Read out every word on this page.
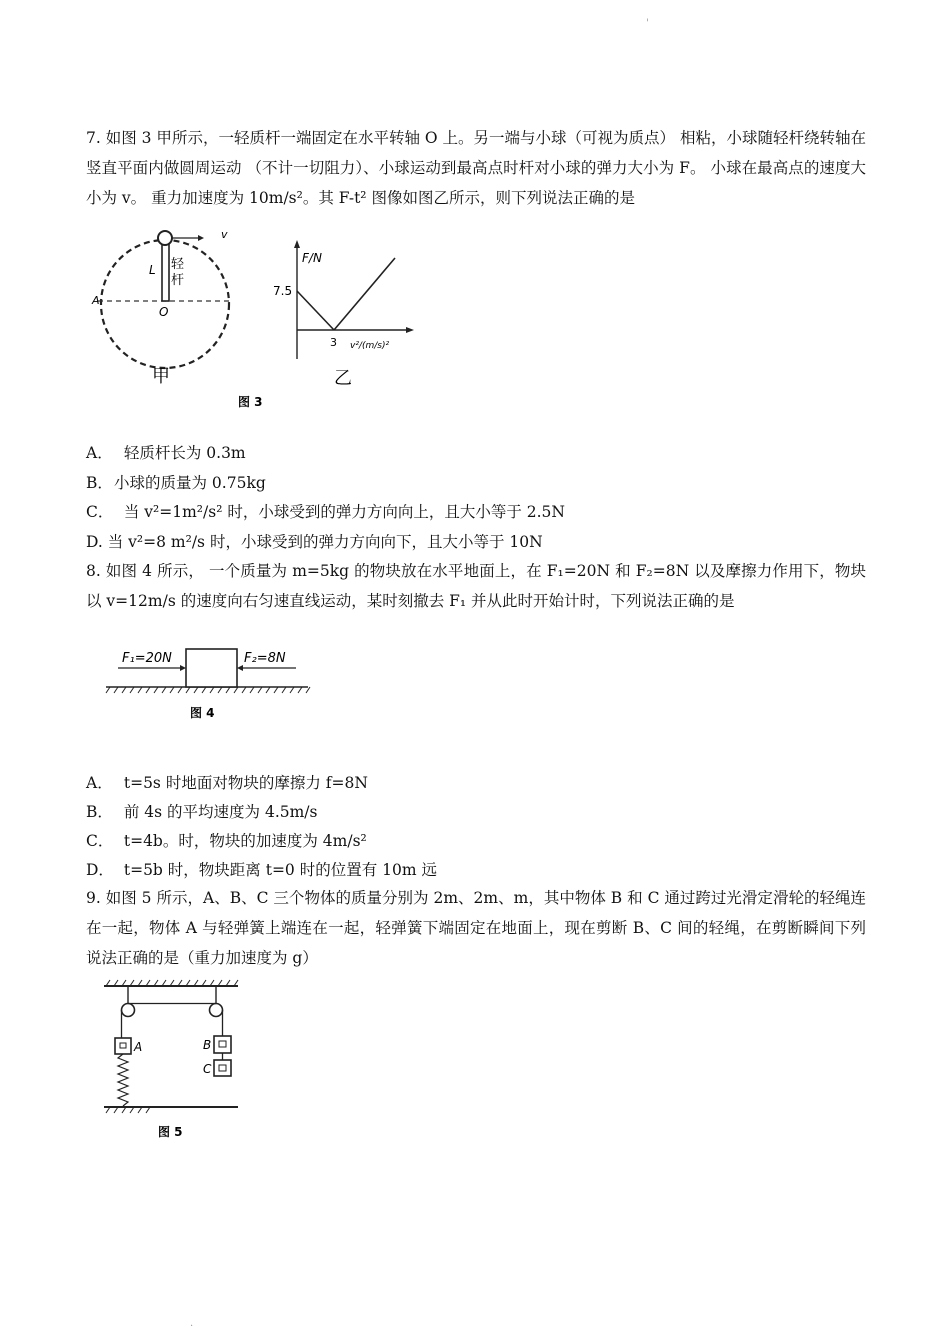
'
7. 如图 3 甲所示，一轻质杆一端固定在水平转轴 O 上。另一端与小球（可视为质点） 相粘，小球随轻杆绕转轴在竖直平面内做圆周运动 （不计一切阻力）、小球运动到最高点时杆对小球的弹力大小为 F。 小球在最高点的速度大小为 v。 重力加速度为 10m/s²。其 F-t² 图像如图乙所示，则下列说法正确的是
v
L 轻
杆
A
O
甲
F/N
7.5
3 v²/(m/s)²
乙
图 3
A． 轻质杆长为 0.3m
B．小球的质量为 0.75kg
C． 当 v²=1m²/s² 时，小球受到的弹力方向向上，且大小等于 2.5N
D. 当 v²=8 m²/s 时，小球受到的弹力方向向下，且大小等于 10N
8. 如图 4 所示， 一个质量为 m=5kg 的物块放在水平地面上，在 F₁=20N 和 F₂=8N 以及摩擦力作用下，物块以 v=12m/s 的速度向右匀速直线运动，某时刻撤去 F₁ 并从此时开始计时，下列说法正确的是
F₁=20N	F₂=8N
图 4
A． t=5s 时地面对物块的摩擦力 f=8N
B． 前 4s 的平均速度为 4.5m/s
C． t=4b。时，物块的加速度为 4m/s²
D． t=5b 时，物块距离 t=0 时的位置有 10m 远
9. 如图 5 所示，A、B、C 三个物体的质量分别为 2m、2m、m，其中物体 B 和 C 通过跨过光滑定滑轮的轻绳连在一起，物体 A 与轻弹簧上端连在一起，轻弹簧下端固定在地面上，现在剪断 B、C 间的轻绳，在剪断瞬间下列说法正确的是（重力加速度为 g）
A	B
C
图 5
.
